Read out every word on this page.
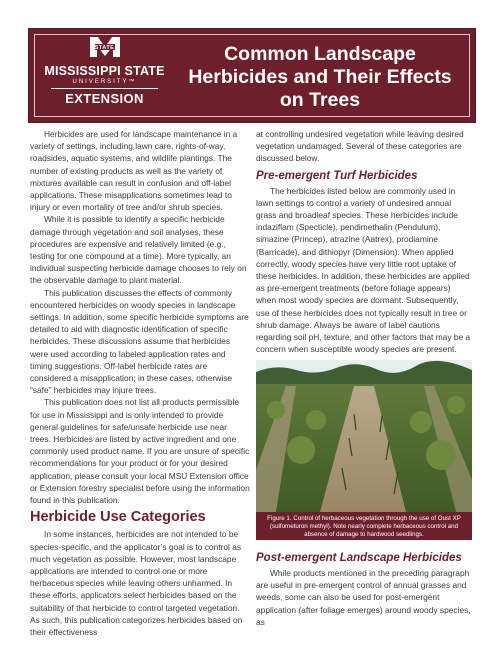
STATE
MISSISSIPPI STATE
UNIVERSITY™
EXTENSION
Common Landscape Herbicides and Their Effects on Trees

Herbicides are used for landscape maintenance in a variety of settings, including lawn care, rights-of-way, roadsides, aquatic systems, and wildlife plantings. The number of existing products as well as the variety of mixtures available can result in confusion and off-label applications. These misapplications sometimes lead to injury or even mortality of tree and/or shrub species.

While it is possible to identify a specific herbicide damage through vegetation and soil analyses, these procedures are expensive and relatively limited (e.g., testing for one compound at a time). More typically, an individual suspecting herbicide damage chooses to rely on the observable damage to plant material.

This publication discusses the effects of commonly encountered herbicides on woody species in landscape settings. In addition, some specific herbicide symptoms are detailed to aid with diagnostic identification of specific herbicides. These discussions assume that herbicides were used according to labeled application rates and timing suggestions. Off-label herbicide rates are considered a misapplication; in these cases, otherwise “safe” herbicides may injure trees.

This publication does not list all products permissible for use in Mississippi and is only intended to provide general guidelines for safe/unsafe herbicide use near trees. Herbicides are listed by active ingredient and one commonly used product name. If you are unsure of specific recommendations for your product or for your desired application, please consult your local MSU Extension office or Extension forestry specialist before using the information found in this publication.

Herbicide Use Categories

In some instances, herbicides are not intended to be species-specific, and the applicator’s goal is to control as much vegetation as possible. However, most landscape applications are intended to control one or more herbaceous species while leaving others unharmed. In these efforts, applicators select herbicides based on the suitability of that herbicide to control targeted vegetation. As such, this publication categorizes herbicides based on their effectiveness

at controlling undesired vegetation while leaving desired vegetation undamaged. Several of these categories are discussed below.

Pre-emergent Turf Herbicides

The herbicides listed below are commonly used in lawn settings to control a variety of undesired annual grass and broadleaf species. These herbicides include indaziflam (Specticle), pendimethalin (Pendulum), simazine (Princep), atrazine (Aatrex), prodiamine (Barricade), and dithiopyr (Dimension). When applied correctly, woody species have very little root uptake of these herbicides. In addition, these herbicides are applied as pre-emergent treatments (before foliage appears) when most woody species are dormant. Subsequently, use of these herbicides does not typically result in tree or shrub damage. Always be aware of label cautions regarding soil pH, texture, and other factors that may be a concern when susceptible woody species are present.

Figure 1. Control of herbaceous vegetation through the use of Oust XP (sulfometuron methyl). Note nearly complete herbaceous control and absence of damage to hardwood seedlings.
Post-emergent Landscape Herbicides

While products mentioned in the preceding paragraph are useful in pre-emergent control of annual grasses and weeds, some can also be used for post-emergent application (after foliage emerges) around woody species, as
